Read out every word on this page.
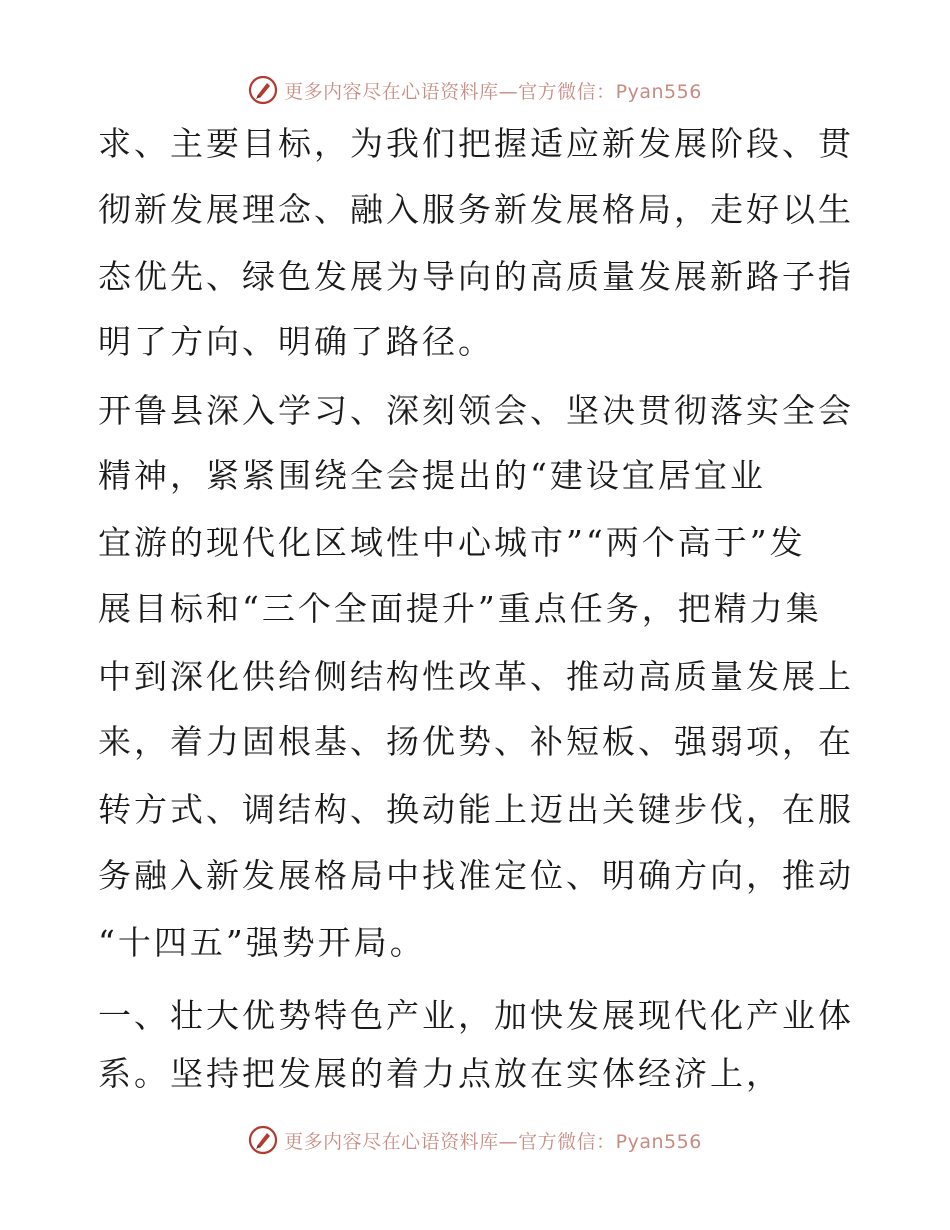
更多内容尽在心语资料库—官方微信：Pyan556
求、主要目标，为我们把握适应新发展阶段、贯
彻新发展理念、融入服务新发展格局，走好以生
态优先、绿色发展为导向的高质量发展新路子指
明了方向、明确了路径。
开鲁县深入学习、深刻领会、坚决贯彻落实全会
精神，紧紧围绕全会提出的“建设宜居宜业
宜游的现代化区域性中心城市”“两个高于”发
展目标和“三个全面提升”重点任务，把精力集
中到深化供给侧结构性改革、推动高质量发展上
来，着力固根基、扬优势、补短板、强弱项，在
转方式、调结构、换动能上迈出关键步伐，在服
务融入新发展格局中找准定位、明确方向，推动
“十四五”强势开局。
一、壮大优势特色产业，加快发展现代化产业体
系。坚持把发展的着力点放在实体经济上，
更多内容尽在心语资料库—官方微信：Pyan556
